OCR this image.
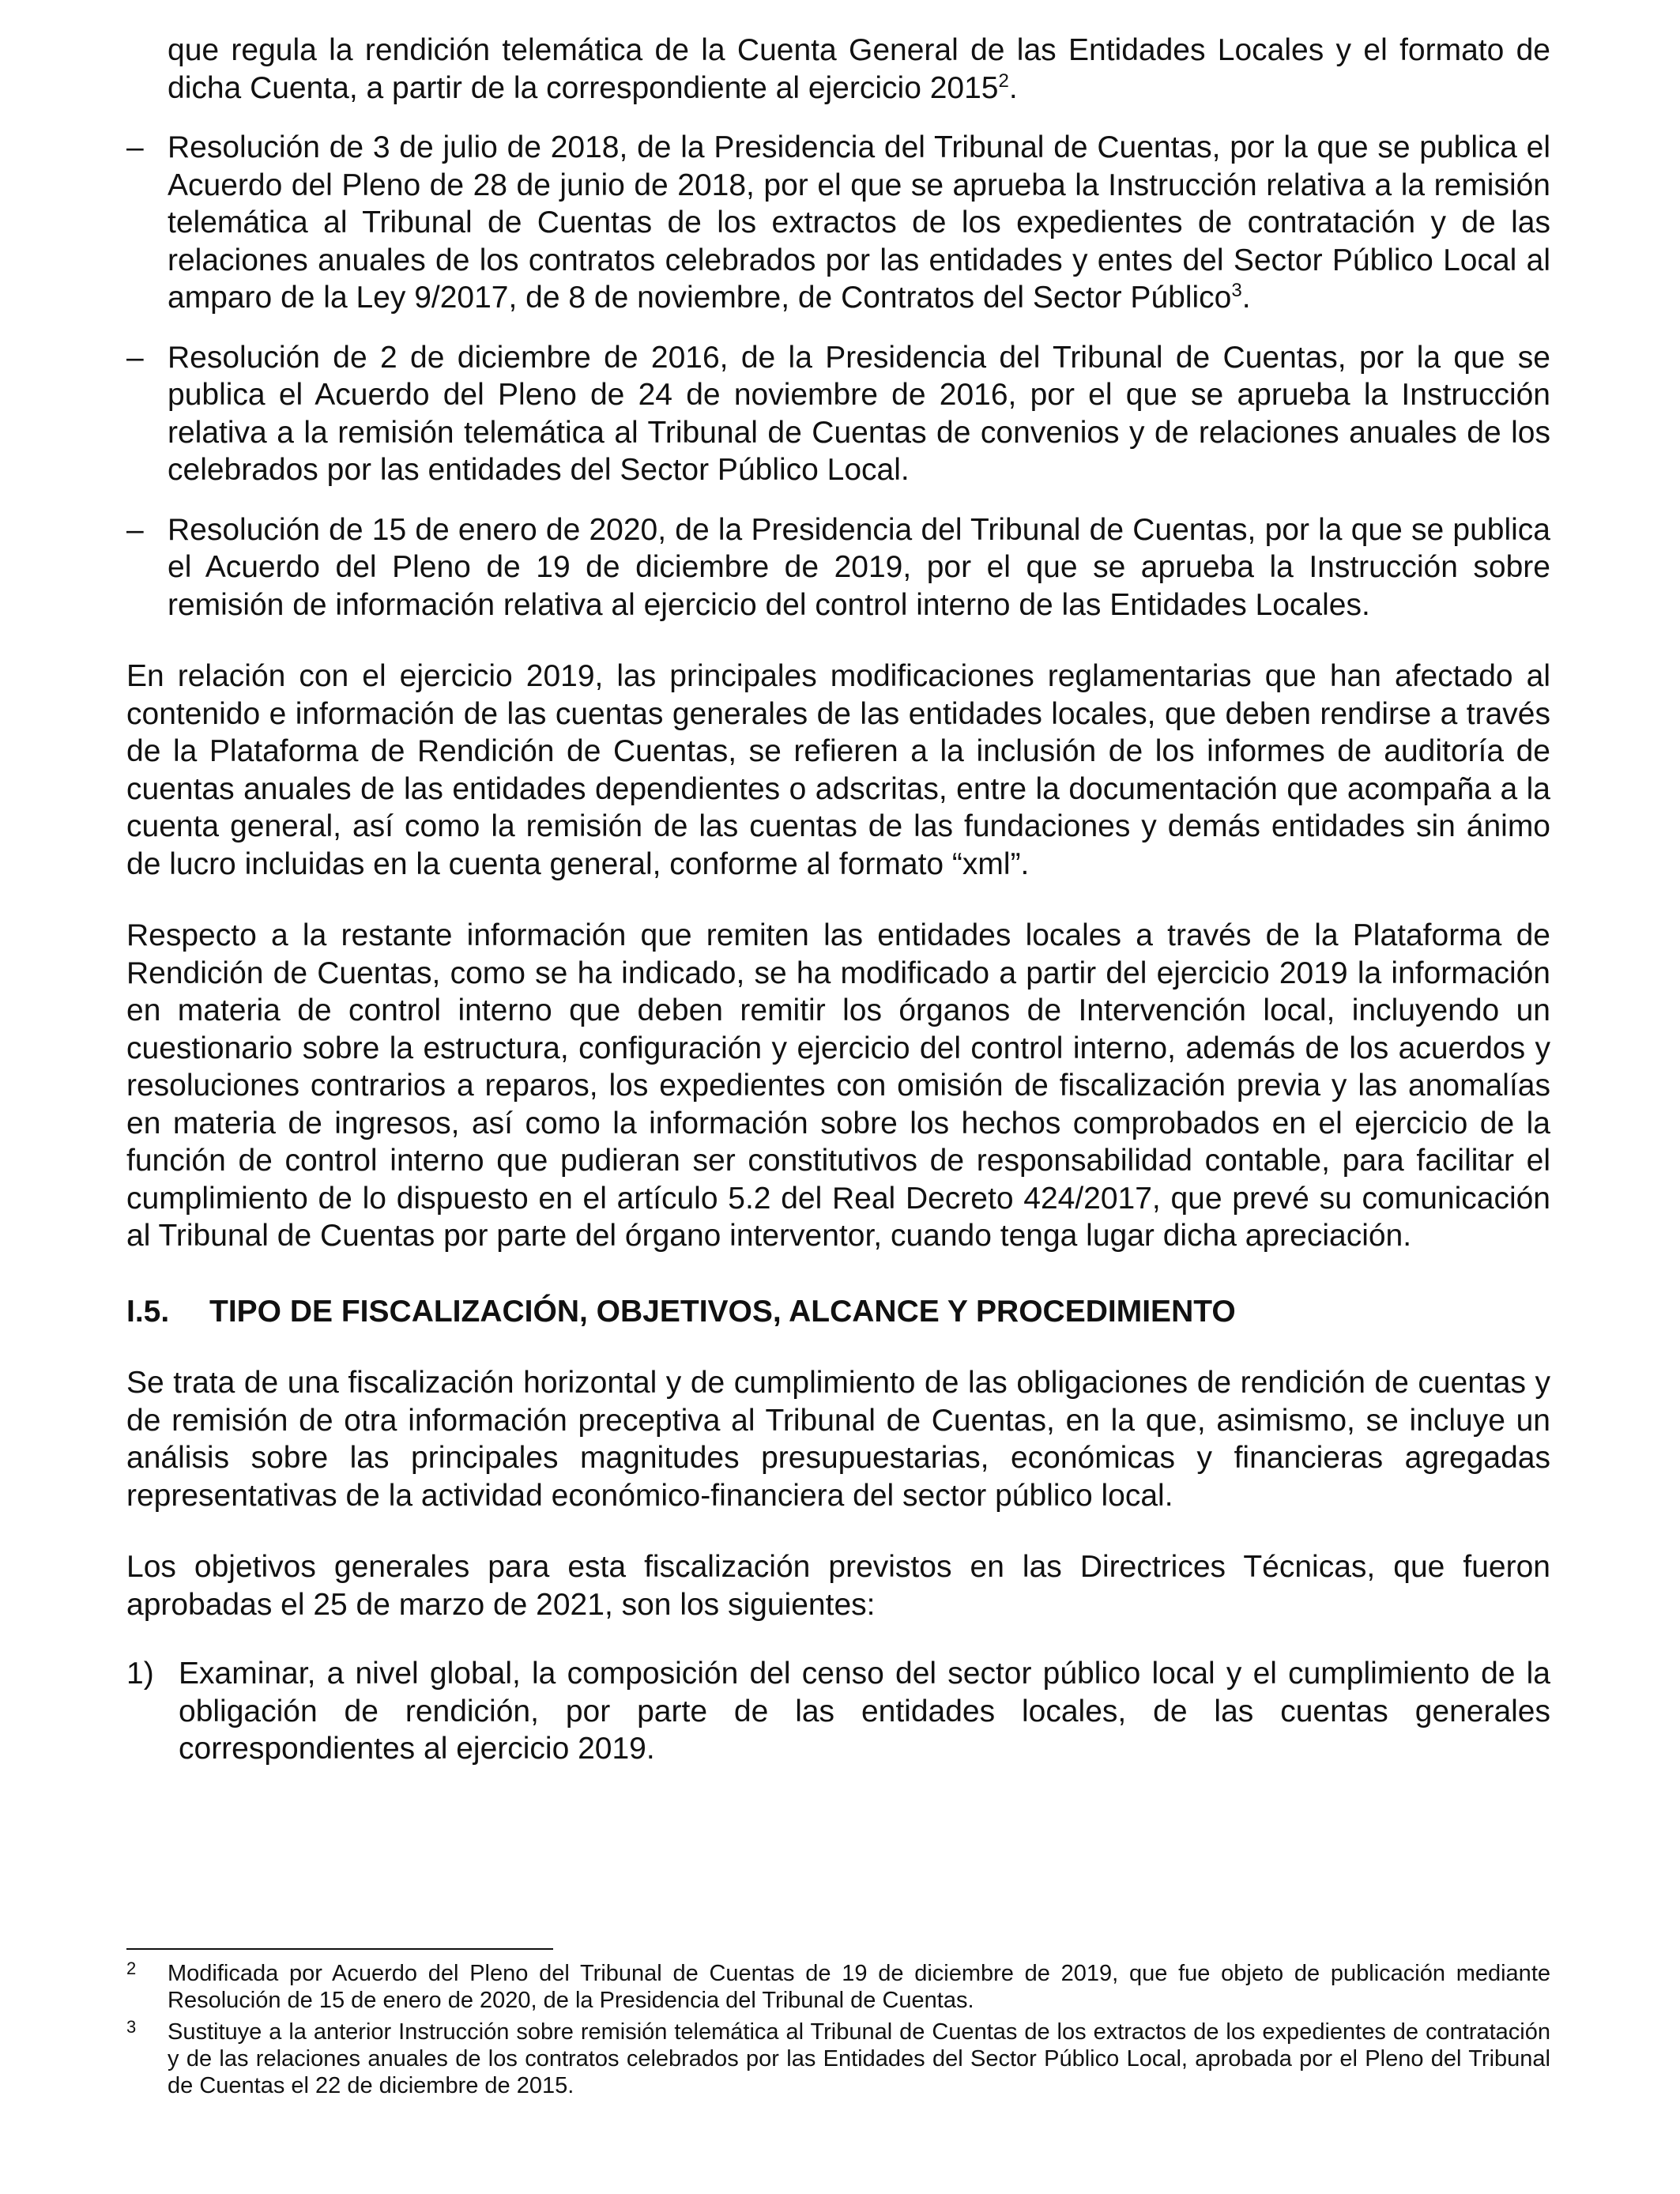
que regula la rendición telemática de la Cuenta General de las Entidades Locales y el formato de dicha Cuenta, a partir de la correspondiente al ejercicio 2015$^2$.

– Resolución de 3 de julio de 2018, de la Presidencia del Tribunal de Cuentas, por la que se publica el Acuerdo del Pleno de 28 de junio de 2018, por el que se aprueba la Instrucción relativa a la remisión telemática al Tribunal de Cuentas de los extractos de los expedientes de contratación y de las relaciones anuales de los contratos celebrados por las entidades y entes del Sector Público Local al amparo de la Ley 9/2017, de 8 de noviembre, de Contratos del Sector Público$^3$.

– Resolución de 2 de diciembre de 2016, de la Presidencia del Tribunal de Cuentas, por la que se publica el Acuerdo del Pleno de 24 de noviembre de 2016, por el que se aprueba la Instrucción relativa a la remisión telemática al Tribunal de Cuentas de convenios y de relaciones anuales de los celebrados por las entidades del Sector Público Local.

– Resolución de 15 de enero de 2020, de la Presidencia del Tribunal de Cuentas, por la que se publica el Acuerdo del Pleno de 19 de diciembre de 2019, por el que se aprueba la Instrucción sobre remisión de información relativa al ejercicio del control interno de las Entidades Locales.

En relación con el ejercicio 2019, las principales modificaciones reglamentarias que han afectado al contenido e información de las cuentas generales de las entidades locales, que deben rendirse a través de la Plataforma de Rendición de Cuentas, se refieren a la inclusión de los informes de auditoría de cuentas anuales de las entidades dependientes o adscritas, entre la documentación que acompaña a la cuenta general, así como la remisión de las cuentas de las fundaciones y demás entidades sin ánimo de lucro incluidas en la cuenta general, conforme al formato “xml”.

Respecto a la restante información que remiten las entidades locales a través de la Plataforma de Rendición de Cuentas, como se ha indicado, se ha modificado a partir del ejercicio 2019 la información en materia de control interno que deben remitir los órganos de Intervención local, incluyendo un cuestionario sobre la estructura, configuración y ejercicio del control interno, además de los acuerdos y resoluciones contrarios a reparos, los expedientes con omisión de fiscalización previa y las anomalías en materia de ingresos, así como la información sobre los hechos comprobados en el ejercicio de la función de control interno que pudieran ser constitutivos de responsabilidad contable, para facilitar el cumplimiento de lo dispuesto en el artículo 5.2 del Real Decreto 424/2017, que prevé su comunicación al Tribunal de Cuentas por parte del órgano interventor, cuando tenga lugar dicha apreciación.

I.5.	TIPO DE FISCALIZACIÓN, OBJETIVOS, ALCANCE Y PROCEDIMIENTO

Se trata de una fiscalización horizontal y de cumplimiento de las obligaciones de rendición de cuentas y de remisión de otra información preceptiva al Tribunal de Cuentas, en la que, asimismo, se incluye un análisis sobre las principales magnitudes presupuestarias, económicas y financieras agregadas representativas de la actividad económico-financiera del sector público local.

Los objetivos generales para esta fiscalización previstos en las Directrices Técnicas, que fueron aprobadas el 25 de marzo de 2021, son los siguientes:

1) Examinar, a nivel global, la composición del censo del sector público local y el cumplimiento de la obligación de rendición, por parte de las entidades locales, de las cuentas generales correspondientes al ejercicio 2019.

2 Modificada por Acuerdo del Pleno del Tribunal de Cuentas de 19 de diciembre de 2019, que fue objeto de publicación mediante Resolución de 15 de enero de 2020, de la Presidencia del Tribunal de Cuentas.
3 Sustituye a la anterior Instrucción sobre remisión telemática al Tribunal de Cuentas de los extractos de los expedientes de contratación y de las relaciones anuales de los contratos celebrados por las Entidades del Sector Público Local, aprobada por el Pleno del Tribunal de Cuentas el 22 de diciembre de 2015.
